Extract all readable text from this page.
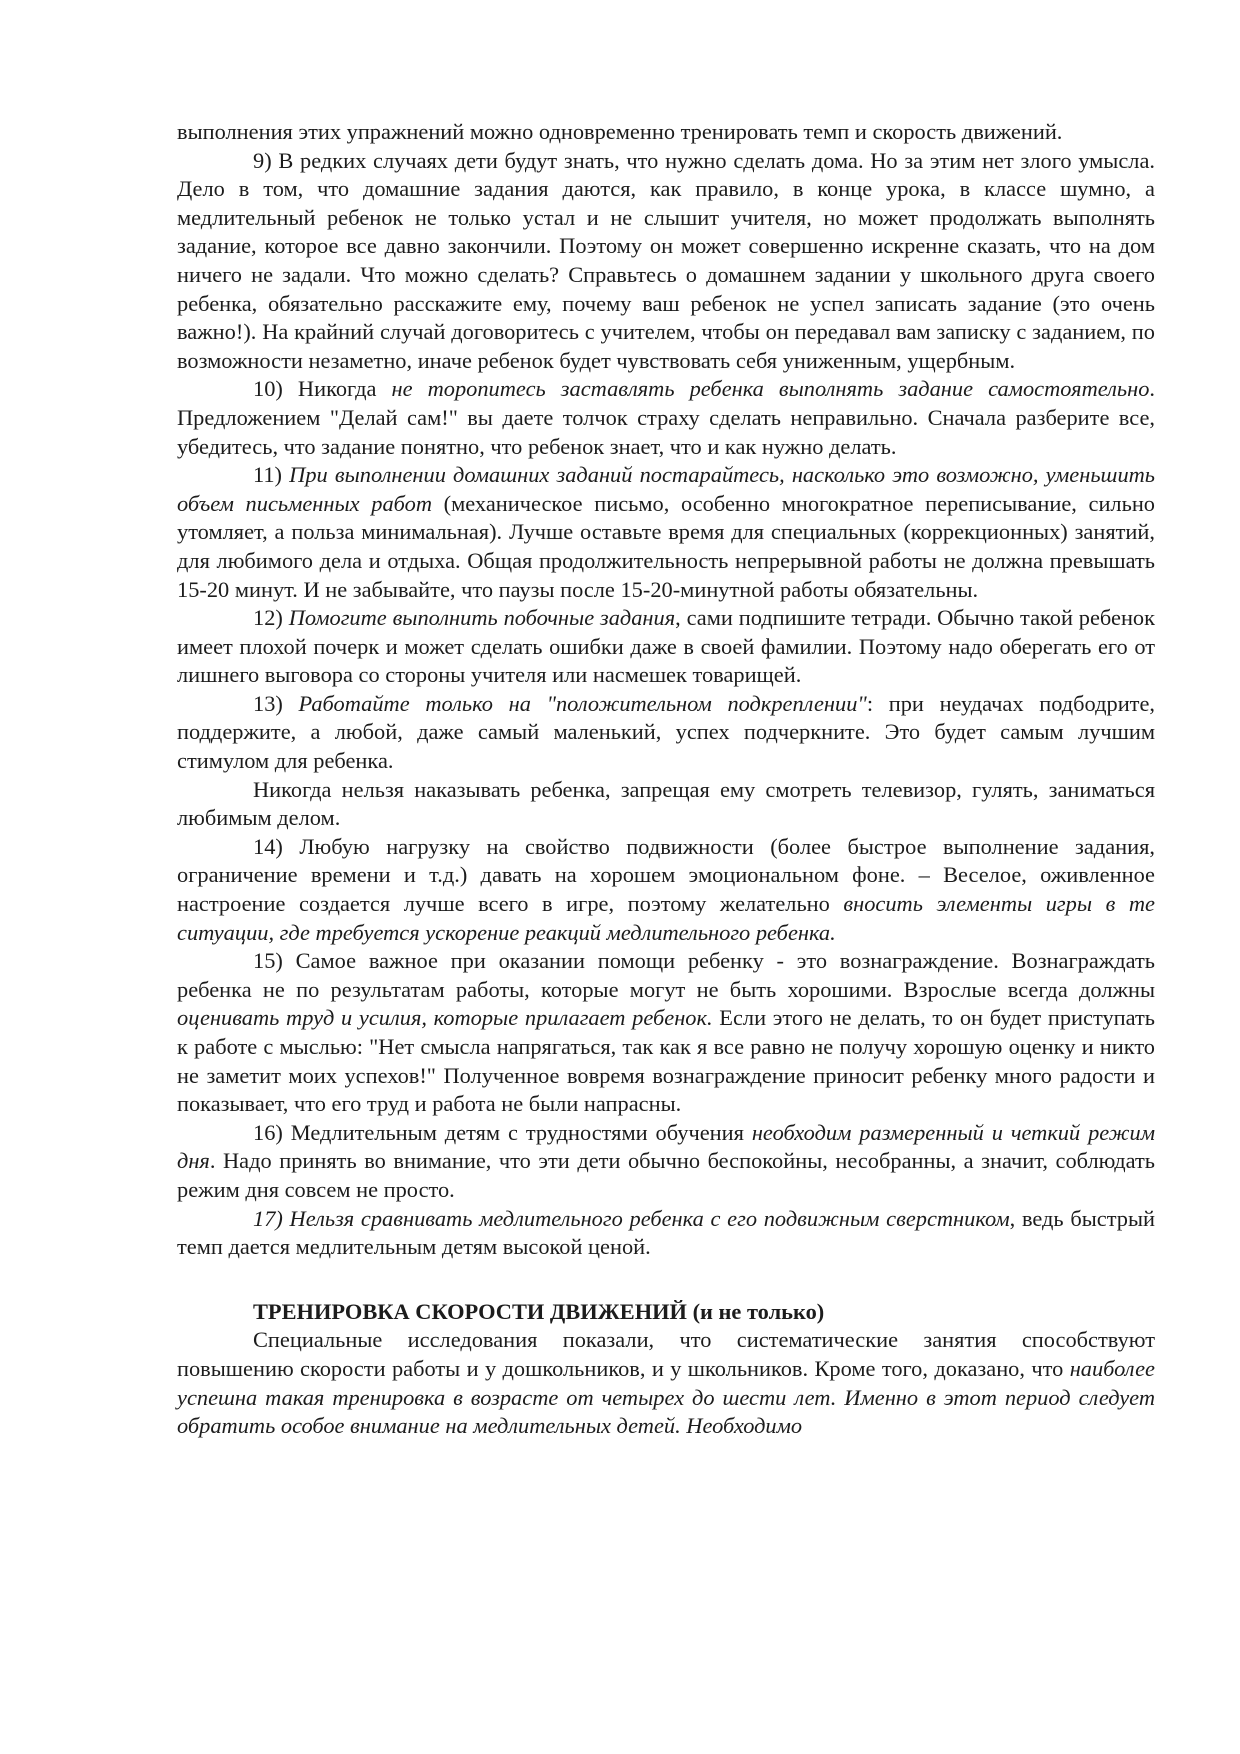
выполнения этих упражнений можно одновременно тренировать темп и скорость движений.

9) В редких случаях дети будут знать, что нужно сделать дома. Но за этим нет злого умысла. Дело в том, что домашние задания даются, как правило, в конце урока, в классе шумно, а медлительный ребенок не только устал и не слышит учителя, но может продолжать выполнять задание, которое все давно закончили. Поэтому он может совершенно искренне сказать, что на дом ничего не задали. Что можно сделать? Справьтесь о домашнем задании у школьного друга своего ребенка, обязательно расскажите ему, почему ваш ребенок не успел записать задание (это очень важно!). На крайний случай договоритесь с учителем, чтобы он передавал вам записку с заданием, по возможности незаметно, иначе ребенок будет чувствовать себя униженным, ущербным.

10) Никогда не торопитесь заставлять ребенка выполнять задание самостоятельно. Предложением "Делай сам!" вы даете толчок страху сделать неправильно. Сначала разберите все, убедитесь, что задание понятно, что ребенок знает, что и как нужно делать.

11) При выполнении домашних заданий постарайтесь, насколько это возможно, уменьшить объем письменных работ (механическое письмо, особенно многократное переписывание, сильно утомляет, а польза минимальная). Лучше оставьте время для специальных (коррекционных) занятий, для любимого дела и отдыха. Общая продолжительность непрерывной работы не должна превышать 15-20 минут. И не забывайте, что паузы после 15-20-минутной работы обязательны.

12) Помогите выполнить побочные задания, сами подпишите тетради. Обычно такой ребенок имеет плохой почерк и может сделать ошибки даже в своей фамилии. Поэтому надо оберегать его от лишнего выговора со стороны учителя или насмешек товарищей.

13) Работайте только на "положительном подкреплении": при неудачах подбодрите, поддержите, а любой, даже самый маленький, успех подчеркните. Это будет самым лучшим стимулом для ребенка.

Никогда нельзя наказывать ребенка, запрещая ему смотреть телевизор, гулять, заниматься любимым делом.

14) Любую нагрузку на свойство подвижности (более быстрое выполнение задания, ограничение времени и т.д.) давать на хорошем эмоциональном фоне. – Веселое, оживленное настроение создается лучше всего в игре, поэтому желательно вносить элементы игры в те ситуации, где требуется ускорение реакций медлительного ребенка.

15) Самое важное при оказании помощи ребенку - это вознаграждение. Вознаграждать ребенка не по результатам работы, которые могут не быть хорошими. Взрослые всегда должны оценивать труд и усилия, которые прилагает ребенок. Если этого не делать, то он будет приступать к работе с мыслью: "Нет смысла напрягаться, так как я все равно не получу хорошую оценку и никто не заметит моих успехов!" Полученное вовремя вознаграждение приносит ребенку много радости и показывает, что его труд и работа не были напрасны.

16) Медлительным детям с трудностями обучения необходим размеренный и четкий режим дня. Надо принять во внимание, что эти дети обычно беспокойны, несобранны, а значит, соблюдать режим дня совсем не просто.

17) Нельзя сравнивать медлительного ребенка с его подвижным сверстником, ведь быстрый темп дается медлительным детям высокой ценой.

ТРЕНИРОВКА СКОРОСТИ ДВИЖЕНИЙ (и не только)

Специальные исследования показали, что систематические занятия способствуют повышению скорости работы и у дошкольников, и у школьников. Кроме того, доказано, что наиболее успешна такая тренировка в возрасте от четырех до шести лет. Именно в этот период следует обратить особое внимание на медлительных детей. Необходимо
